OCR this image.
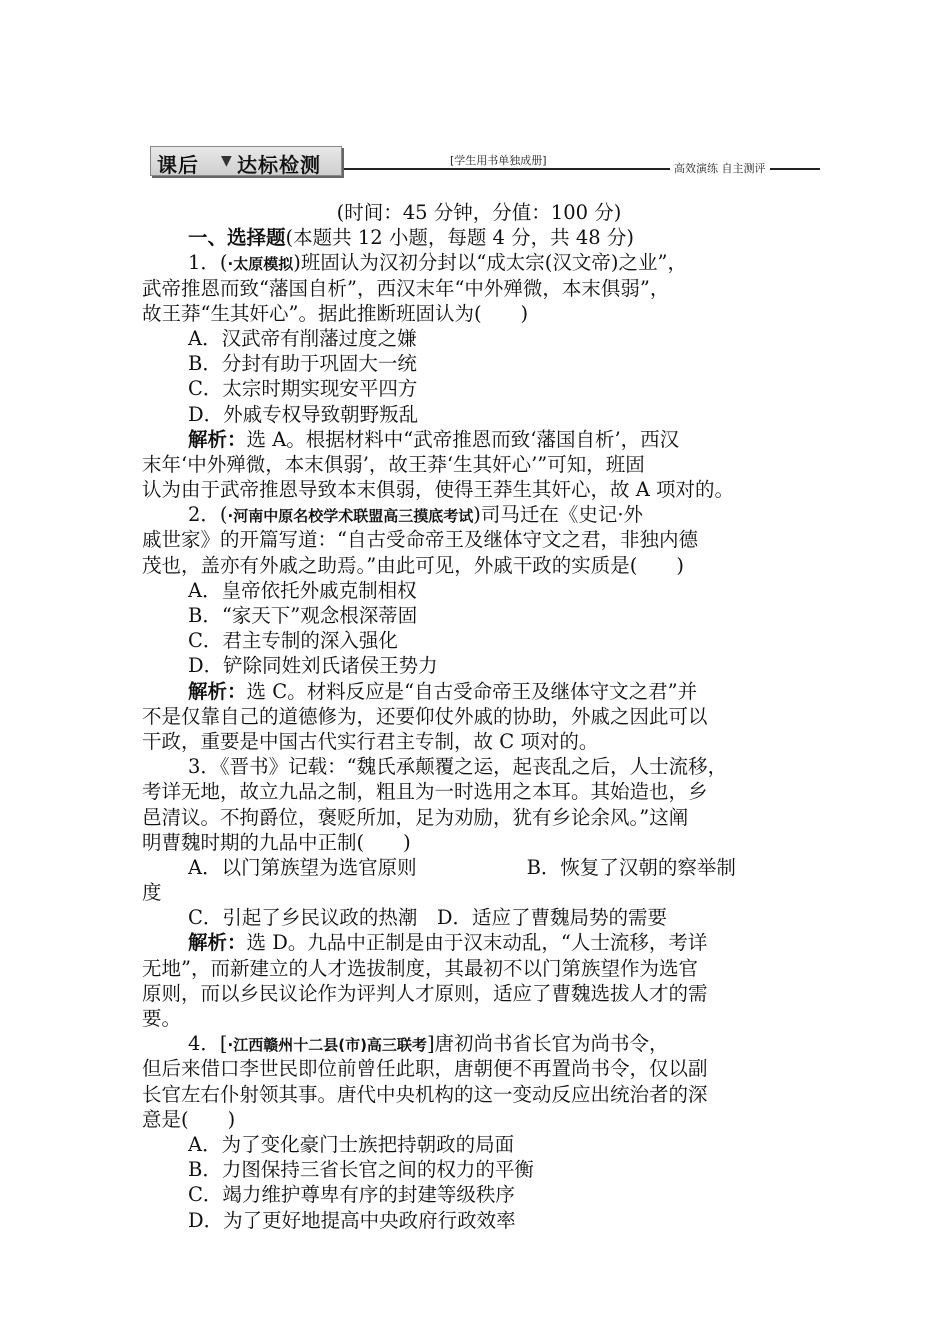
课后 ▼ 达标检测	[学生用书单独成册]
高效演练 自主测评
(时间：45 分钟，分值：100 分)
一、选择题(本题共 12 小题，每题 4 分，共 48 分)
1．(·太原模拟)班固认为汉初分封以“成太宗(汉文帝)之业”，
武帝推恩而致“藩国自析”，西汉末年“中外殚微，本末俱弱”，
故王莽“生其奸心”。据此推断班固认为(　　)
A．汉武帝有削藩过度之嫌
B．分封有助于巩固大一统
C．太宗时期实现安平四方
D．外戚专权导致朝野叛乱
解析：选 A。根据材料中“武帝推恩而致‘藩国自析’，西汉
末年‘中外殚微，本末俱弱’，故王莽‘生其奸心’”可知，班固
认为由于武帝推恩导致本末俱弱，使得王莽生其奸心，故 A 项对的。
2．(·河南中原名校学术联盟高三摸底考试)司马迁在《史记·外
戚世家》的开篇写道：“自古受命帝王及继体守文之君，非独内德
茂也，盖亦有外戚之助焉。”由此可见，外戚干政的实质是(　　)
A．皇帝依托外戚克制相权
B．“家天下”观念根深蒂固
C．君主专制的深入强化
D．铲除同姓刘氏诸侯王势力
解析：选 C。材料反应是“自古受命帝王及继体守文之君”并
不是仅靠自己的道德修为，还要仰仗外戚的协助，外戚之因此可以
干政，重要是中国古代实行君主专制，故 C 项对的。
3．《晋书》记载：“魏氏承颠覆之运，起丧乱之后，人士流移，
考详无地，故立九品之制，粗且为一时选用之本耳。其始造也，乡
邑清议。不拘爵位，褒贬所加，足为劝励，犹有乡论余风。”这阐
明曹魏时期的九品中正制(　　)
A．以门第族望为选官原则	B．恢复了汉朝的察举制
度
C．引起了乡民议政的热潮　D．适应了曹魏局势的需要
解析：选 D。九品中正制是由于汉末动乱，“人士流移，考详
无地”，而新建立的人才选拔制度，其最初不以门第族望作为选官
原则，而以乡民议论作为评判人才原则，适应了曹魏选拔人才的需
要。
4．[·江西赣州十二县(市)高三联考]唐初尚书省长官为尚书令，
但后来借口李世民即位前曾任此职，唐朝便不再置尚书令，仅以副
长官左右仆射领其事。唐代中央机构的这一变动反应出统治者的深
意是(　　)
A．为了变化豪门士族把持朝政的局面
B．力图保持三省长官之间的权力的平衡
C．竭力维护尊卑有序的封建等级秩序
D．为了更好地提高中央政府行政效率
